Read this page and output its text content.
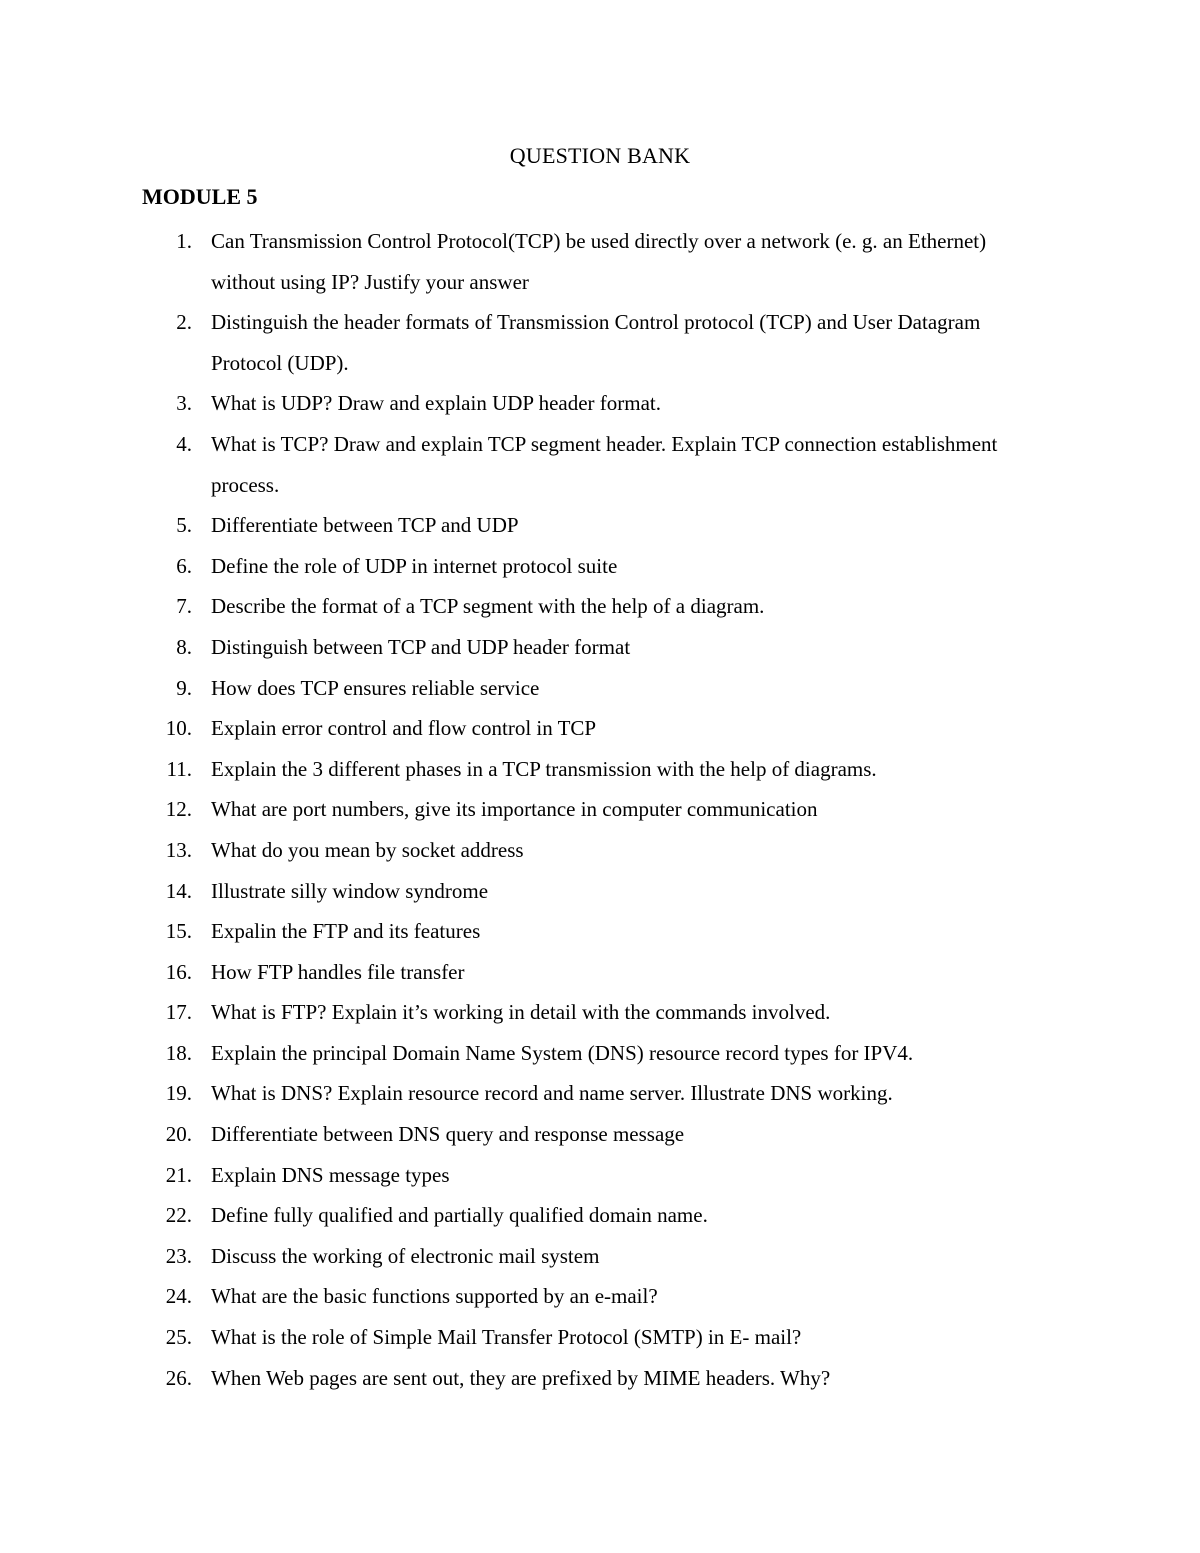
QUESTION BANK
MODULE 5
1. Can Transmission Control Protocol(TCP) be used directly over a network (e. g. an Ethernet) without using IP? Justify your answer
2. Distinguish the header formats of Transmission Control protocol (TCP) and User Datagram Protocol (UDP).
3. What is UDP? Draw and explain UDP header format.
4. What is TCP? Draw and explain TCP segment header. Explain TCP connection establishment process.
5. Differentiate between TCP and UDP
6. Define the role of UDP in internet protocol suite
7. Describe the format of a TCP segment with the help of a diagram.
8. Distinguish between TCP and UDP header format
9. How does TCP ensures reliable service
10. Explain error control and flow control in TCP
11. Explain the 3 different phases in a TCP transmission with the help of diagrams.
12. What are port numbers, give its importance in computer communication
13. What do you mean by socket address
14. Illustrate silly window syndrome
15. Expalin the FTP and its features
16. How FTP handles file transfer
17. What is FTP? Explain it’s working in detail with the commands involved.
18. Explain the principal Domain Name System (DNS) resource record types for IPV4.
19. What is DNS? Explain resource record and name server. Illustrate DNS working.
20. Differentiate between DNS query and response message
21. Explain DNS message types
22. Define fully qualified and partially qualified domain name.
23. Discuss the working of electronic mail system
24. What are the basic functions supported by an e-mail?
25. What is the role of Simple Mail Transfer Protocol (SMTP) in E- mail?
26. When Web pages are sent out, they are prefixed by MIME headers. Why?
